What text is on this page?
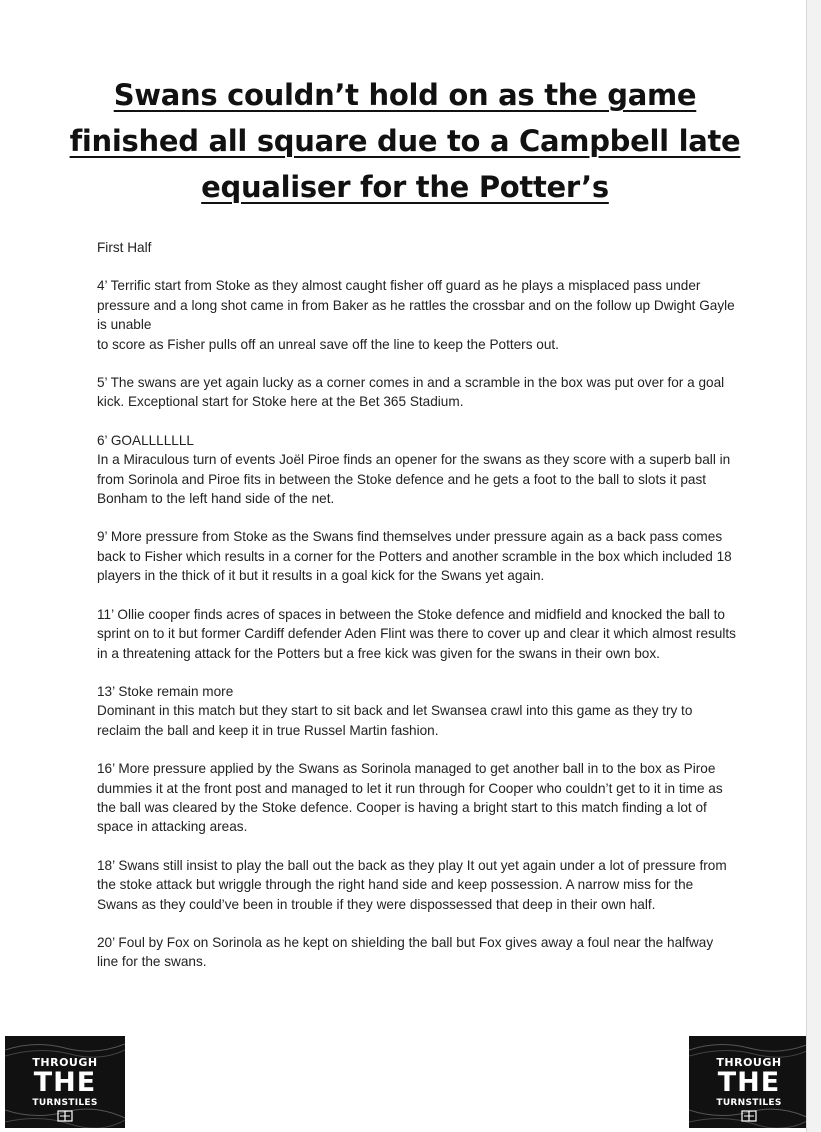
Swans couldn’t hold on as the game finished all square due to a Campbell late equaliser for the Potter’s
First Half

4’ Terrific start from Stoke as they almost caught fisher off guard as he plays a misplaced pass under pressure and a long shot came in from Baker as he rattles the crossbar and on the follow up Dwight Gayle is unable
to score as Fisher pulls off an unreal save off the line to keep the Potters out.

5’ The swans are yet again lucky as a corner comes in and a scramble in the box was put over for a goal kick. Exceptional start for Stoke here at the Bet 365 Stadium.

6’ GOALLLLLLL
In a Miraculous turn of events Joël Piroe finds an opener for the swans as they score with a superb ball in from Sorinola and Piroe fits in between the Stoke defence and he gets a foot to the ball to slots it past Bonham to the left hand side of the net.

9’ More pressure from Stoke as the Swans find themselves under pressure again as a back pass comes back to Fisher which results in a corner for the Potters and another scramble in the box which included 18 players in the thick of it but it results in a goal kick for the Swans yet again.

11’ Ollie cooper finds acres of spaces in between the Stoke defence and midfield and knocked the ball to sprint on to it but former Cardiff defender Aden Flint was there to cover up and clear it which almost results in a threatening attack for the Potters but a free kick was given for the swans in their own box.

13’ Stoke remain more
Dominant in this match but they start to sit back and let Swansea crawl into this game as they try to reclaim the ball and keep it in true Russel Martin fashion.

16’ More pressure applied by the Swans as Sorinola managed to get another ball in to the box as Piroe dummies it at the front post and managed to let it run through for Cooper who couldn’t get to it in time as the ball was cleared by the Stoke defence. Cooper is having a bright start to this match finding a lot of space in attacking areas.

18’ Swans still insist to play the ball out the back as they play It out yet again under a lot of pressure from the stoke attack but wriggle through the right hand side and keep possession. A narrow miss for the Swans as they could’ve been in trouble if they were dispossessed that deep in their own half.

20’ Foul by Fox on Sorinola as he kept on shielding the ball but Fox gives away a foul near the halfway line for the swans.

THROUGH
THE
TURNSTILES
THROUGH
THE
TURNSTILES
